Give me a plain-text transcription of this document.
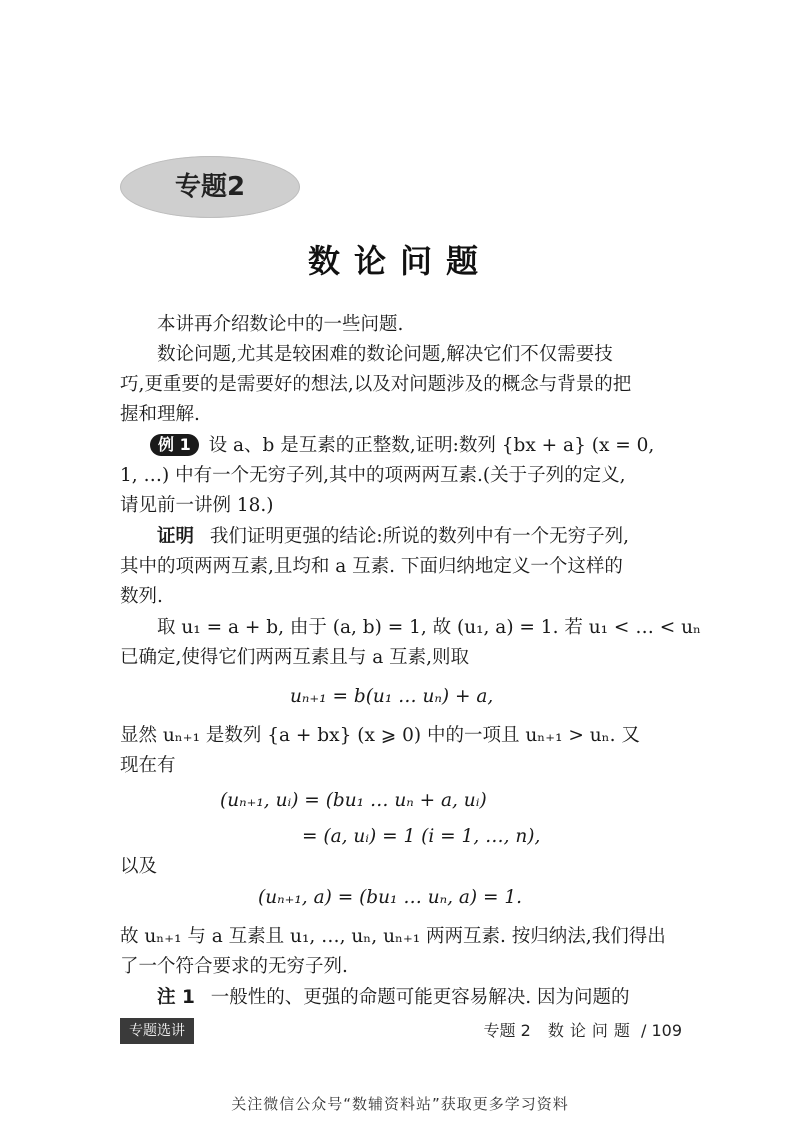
专题2
数论问题
本讲再介绍数论中的一些问题.
数论问题,尤其是较困难的数论问题,解决它们不仅需要技
巧,更重要的是需要好的想法,以及对问题涉及的概念与背景的把
握和理解.
例 1 设 a、b 是互素的正整数,证明:数列 {bx + a} (x = 0,
1, …) 中有一个无穷子列,其中的项两两互素.(关于子列的定义,
请见前一讲例 18.)
证明 我们证明更强的结论:所说的数列中有一个无穷子列,
其中的项两两互素,且均和 a 互素. 下面归纳地定义一个这样的
数列.
取 u₁ = a + b, 由于 (a, b) = 1, 故 (u₁, a) = 1. 若 u₁ < … < uₙ
已确定,使得它们两两互素且与 a 互素,则取
uₙ₊₁ = b(u₁ … uₙ) + a,
显然 uₙ₊₁ 是数列 {a + bx} (x ⩾ 0) 中的一项且 uₙ₊₁ > uₙ. 又
现在有
(uₙ₊₁, uᵢ) = (bu₁ … uₙ + a, uᵢ)
= (a, uᵢ) = 1 (i = 1, …, n),
以及
(uₙ₊₁, a) = (bu₁ … uₙ, a) = 1.
故 uₙ₊₁ 与 a 互素且 u₁, …, uₙ, uₙ₊₁ 两两互素. 按归纳法,我们得出
了一个符合要求的无穷子列.
注 1 一般性的、更强的命题可能更容易解决. 因为问题的
专题选讲	专题 2 数论问题 / 109
关注微信公众号“数辅资料站”获取更多学习资料
